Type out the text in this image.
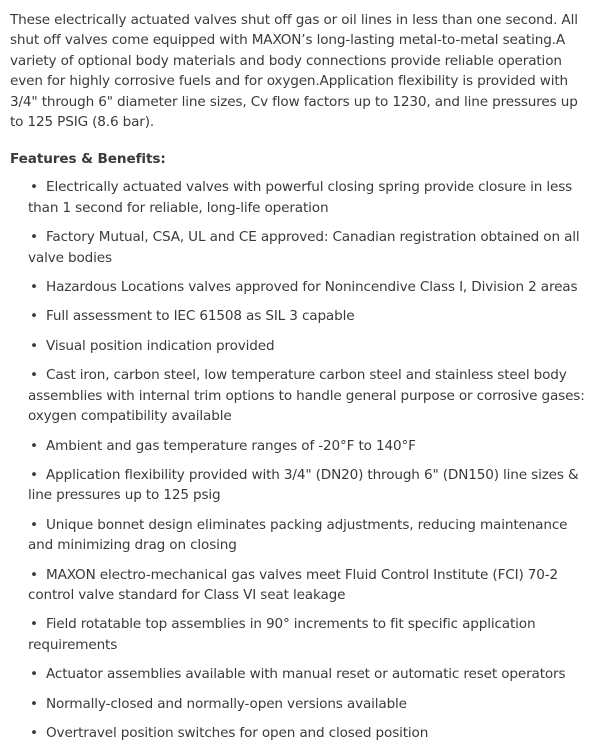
These electrically actuated valves shut off gas or oil lines in less than one second. All shut off valves come equipped with MAXON’s long-lasting metal-to-metal seating.A variety of optional body materials and body connections provide reliable operation even for highly corrosive fuels and for oxygen.Application flexibility is provided with 3/4" through 6" diameter line sizes, Cv flow factors up to 1230, and line pressures up to 125 PSIG (8.6 bar).

Features & Benefits:
• Electrically actuated valves with powerful closing spring provide closure in less than 1 second for reliable, long-life operation
• Factory Mutual, CSA, UL and CE approved: Canadian registration obtained on all valve bodies
• Hazardous Locations valves approved for Nonincendive Class I, Division 2 areas
• Full assessment to IEC 61508 as SIL 3 capable
• Visual position indication provided
• Cast iron, carbon steel, low temperature carbon steel and stainless steel body assemblies with internal trim options to handle general purpose or corrosive gases: oxygen compatibility available
• Ambient and gas temperature ranges of -20°F to 140°F
• Application flexibility provided with 3/4" (DN20) through 6" (DN150) line sizes & line pressures up to 125 psig
• Unique bonnet design eliminates packing adjustments, reducing maintenance and minimizing drag on closing
• MAXON electro-mechanical gas valves meet Fluid Control Institute (FCI) 70-2 control valve standard for Class VI seat leakage
• Field rotatable top assemblies in 90° increments to fit specific application requirements
• Actuator assemblies available with manual reset or automatic reset operators
• Normally-closed and normally-open versions available
• Overtravel position switches for open and closed position
